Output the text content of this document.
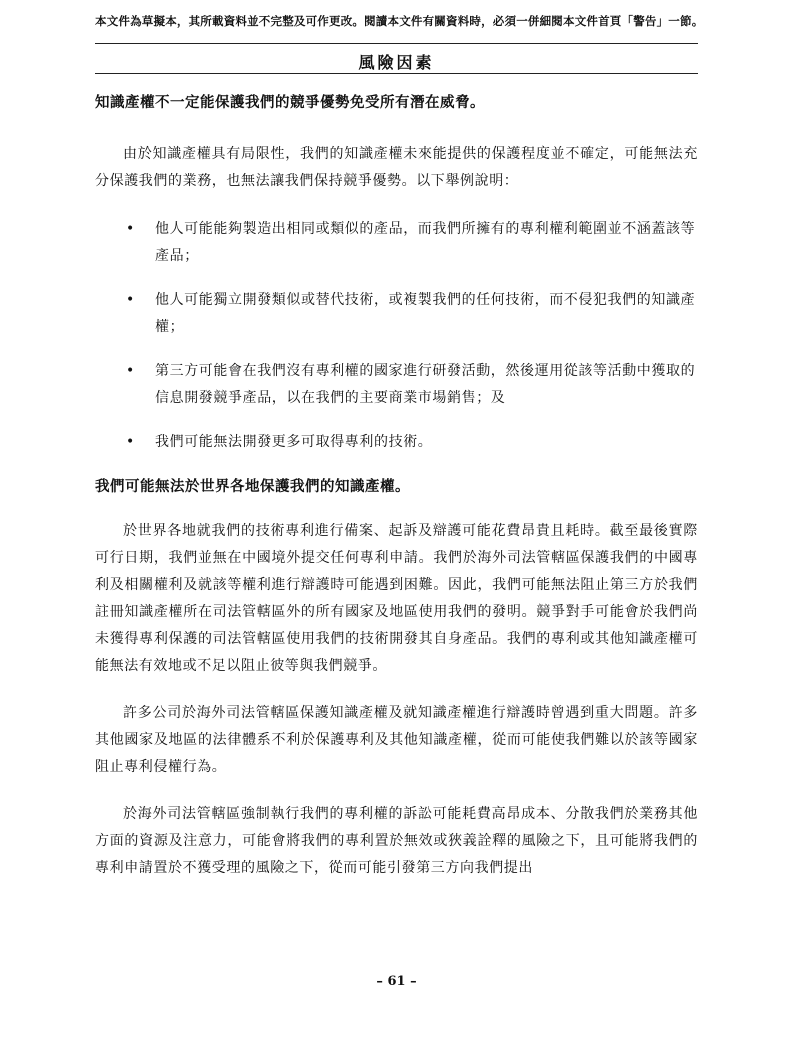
本文件為草擬本，其所載資料並不完整及可作更改。閱讀本文件有關資料時，必須一併細閱本文件首頁「警告」一節。
風險因素
知識產權不一定能保護我們的競爭優勢免受所有潛在威脅。

由於知識產權具有局限性，我們的知識產權未來能提供的保護程度並不確定，可能無法充分保護我們的業務，也無法讓我們保持競爭優勢。以下舉例說明：

• 他人可能能夠製造出相同或類似的產品，而我們所擁有的專利權利範圍並不涵蓋該等產品；
• 他人可能獨立開發類似或替代技術，或複製我們的任何技術，而不侵犯我們的知識產權；
• 第三方可能會在我們沒有專利權的國家進行研發活動，然後運用從該等活動中獲取的信息開發競爭產品，以在我們的主要商業市場銷售；及
• 我們可能無法開發更多可取得專利的技術。
我們可能無法於世界各地保護我們的知識產權。

於世界各地就我們的技術專利進行備案、起訴及辯護可能花費昂貴且耗時。截至最後實際可行日期，我們並無在中國境外提交任何專利申請。我們於海外司法管轄區保護我們的中國專利及相關權利及就該等權利進行辯護時可能遇到困難。因此，我們可能無法阻止第三方於我們註冊知識產權所在司法管轄區外的所有國家及地區使用我們的發明。競爭對手可能會於我們尚未獲得專利保護的司法管轄區使用我們的技術開發其自身產品。我們的專利或其他知識產權可能無法有效地或不足以阻止彼等與我們競爭。

許多公司於海外司法管轄區保護知識產權及就知識產權進行辯護時曾遇到重大問題。許多其他國家及地區的法律體系不利於保護專利及其他知識產權，從而可能使我們難以於該等國家阻止專利侵權行為。

於海外司法管轄區強制執行我們的專利權的訴訟可能耗費高昂成本、分散我們於業務其他方面的資源及注意力，可能會將我們的專利置於無效或狹義詮釋的風險之下，且可能將我們的專利申請置於不獲受理的風險之下，從而可能引發第三方向我們提出

– 61 –
